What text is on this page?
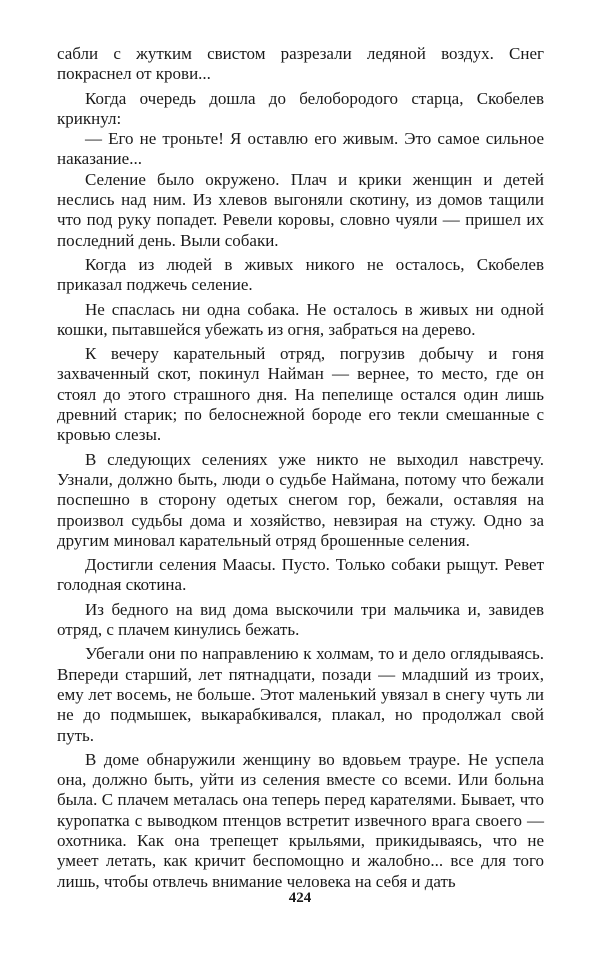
сабли с жутким свистом разрезали ледяной воздух. Снег покраснел от крови...

Когда очередь дошла до белобородого старца, Скобелев крикнул:

— Его не троньте! Я оставлю его живым. Это самое сильное наказание...

Селение было окружено. Плач и крики женщин и детей неслись над ним. Из хлевов выгоняли скотину, из домов тащили что под руку попадет. Ревели коровы, словно чуяли — пришел их последний день. Выли собаки.

Когда из людей в живых никого не осталось, Скобелев приказал поджечь селение.

Не спаслась ни одна собака. Не осталось в живых ни одной кошки, пытавшейся убежать из огня, забраться на дерево.

К вечеру карательный отряд, погрузив добычу и гоня захваченный скот, покинул Найман — вернее, то место, где он стоял до этого страшного дня. На пепелище остался один лишь древний старик; по белоснежной бороде его текли смешанные с кровью слезы.

В следующих селениях уже никто не выходил навстречу. Узнали, должно быть, люди о судьбе Наймана, потому что бежали поспешно в сторону одетых снегом гор, бежали, оставляя на произвол судьбы дома и хозяйство, невзирая на стужу. Одно за другим миновал карательный отряд брошенные селения.

Достигли селения Маасы. Пусто. Только собаки рыщут. Ревет голодная скотина.

Из бедного на вид дома выскочили три мальчика и, завидев отряд, с плачем кинулись бежать.

Убегали они по направлению к холмам, то и дело оглядываясь. Впереди старший, лет пятнадцати, позади — младший из троих, ему лет восемь, не больше. Этот маленький увязал в снегу чуть ли не до подмышек, выкарабкивался, плакал, но продолжал свой путь.

В доме обнаружили женщину во вдовьем трауре. Не успела она, должно быть, уйти из селения вместе со всеми. Или больна была. С плачем металась она теперь перед карателями. Бывает, что куропатка с выводком птенцов встретит извечного врага своего — охотника. Как она трепещет крыльями, прикидываясь, что не умеет летать, как кричит беспомощно и жалобно... все для того лишь, чтобы отвлечь внимание человека на себя и дать

424
